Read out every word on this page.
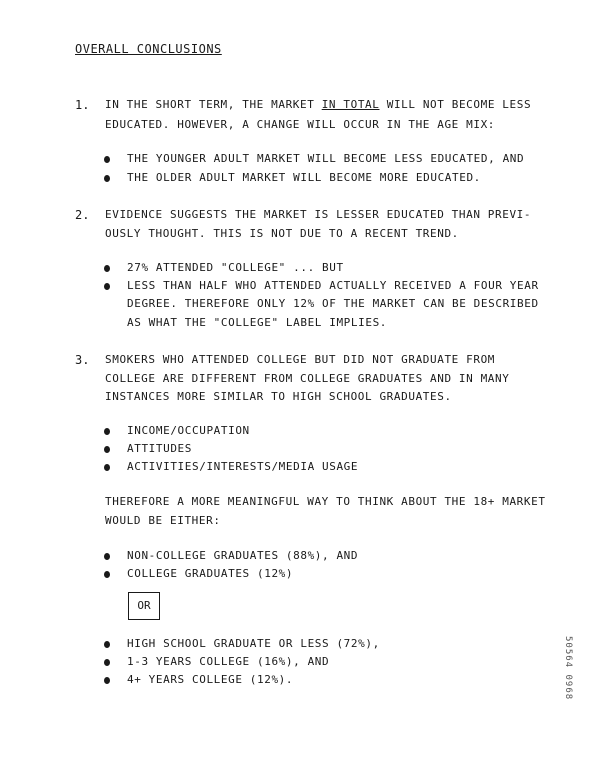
OVERALL CONCLUSIONS
1. IN THE SHORT TERM, THE MARKET IN TOTAL WILL NOT BECOME LESS
EDUCATED. HOWEVER, A CHANGE WILL OCCUR IN THE AGE MIX:
THE YOUNGER ADULT MARKET WILL BECOME LESS EDUCATED, AND
THE OLDER ADULT MARKET WILL BECOME MORE EDUCATED.
2. EVIDENCE SUGGESTS THE MARKET IS LESSER EDUCATED THAN PREVI-
OUSLY THOUGHT. THIS IS NOT DUE TO A RECENT TREND.
27% ATTENDED "COLLEGE" ... BUT
LESS THAN HALF WHO ATTENDED ACTUALLY RECEIVED A FOUR YEAR
DEGREE. THEREFORE ONLY 12% OF THE MARKET CAN BE DESCRIBED
AS WHAT THE "COLLEGE" LABEL IMPLIES.
3. SMOKERS WHO ATTENDED COLLEGE BUT DID NOT GRADUATE FROM
COLLEGE ARE DIFFERENT FROM COLLEGE GRADUATES AND IN MANY
INSTANCES MORE SIMILAR TO HIGH SCHOOL GRADUATES.
INCOME/OCCUPATION
ATTITUDES
ACTIVITIES/INTERESTS/MEDIA USAGE
THEREFORE A MORE MEANINGFUL WAY TO THINK ABOUT THE 18+ MARKET
WOULD BE EITHER:
NON-COLLEGE GRADUATES (88%), AND
COLLEGE GRADUATES (12%)
OR
HIGH SCHOOL GRADUATE OR LESS (72%),
1-3 YEARS COLLEGE (16%), AND
4+ YEARS COLLEGE (12%).	50564 0968
